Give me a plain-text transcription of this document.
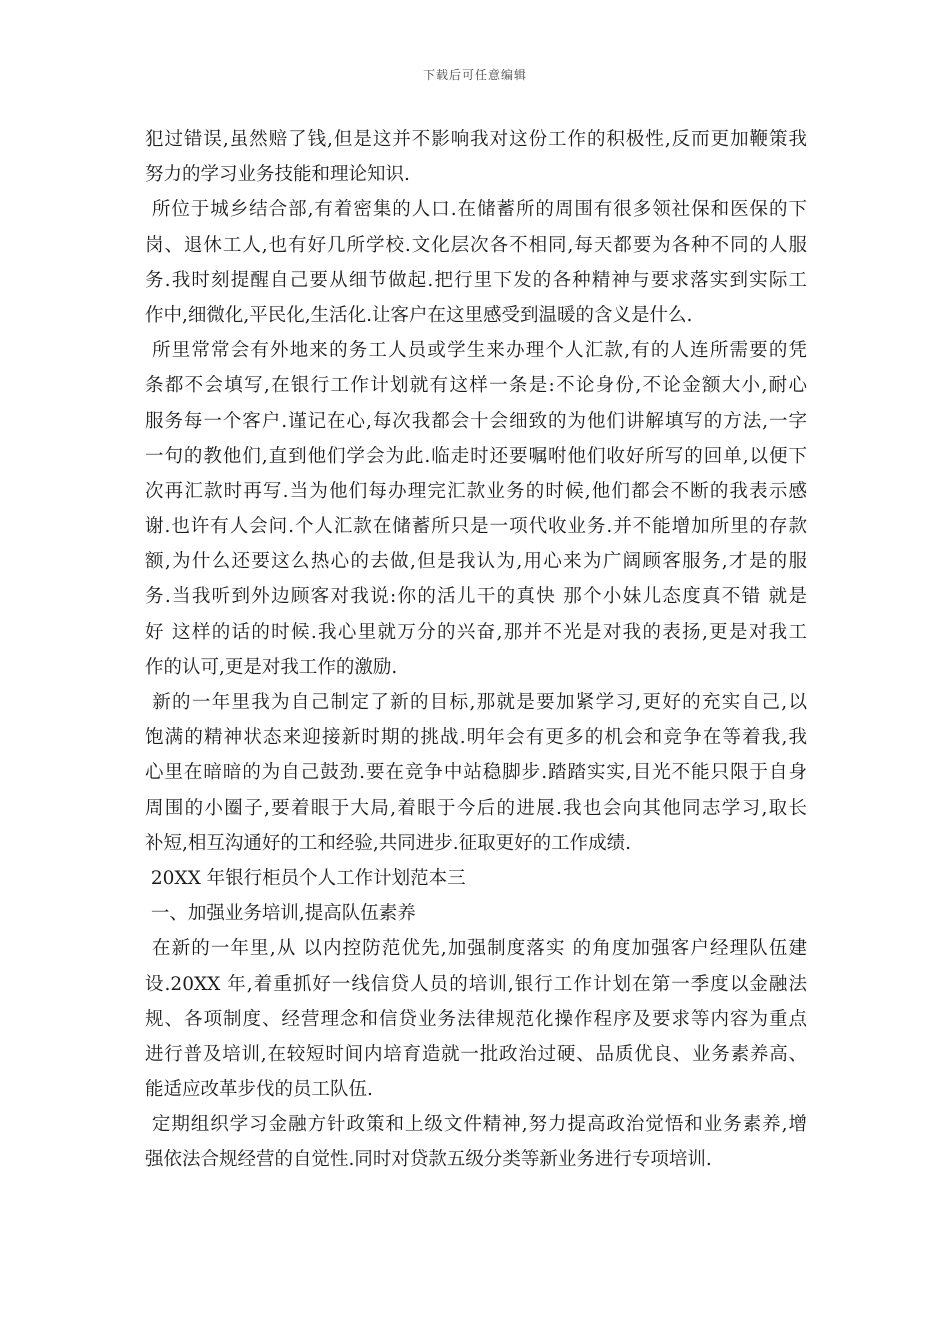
下载后可任意编辑
犯过错误,虽然赔了钱,但是这并不影响我对这份工作的积极性,反而更加鞭策我
努力的学习业务技能和理论知识.
所位于城乡结合部,有着密集的人口.在储蓄所的周围有很多领社保和医保的下
岗、退休工人,也有好几所学校.文化层次各不相同,每天都要为各种不同的人服
务.我时刻提醒自己要从细节做起.把行里下发的各种精神与要求落实到实际工
作中,细微化,平民化,生活化.让客户在这里感受到温暖的含义是什么.
所里常常会有外地来的务工人员或学生来办理个人汇款,有的人连所需要的凭
条都不会填写,在银行工作计划就有这样一条是:不论身份,不论金额大小,耐心
服务每一个客户.谨记在心,每次我都会十会细致的为他们讲解填写的方法,一字
一句的教他们,直到他们学会为此.临走时还要嘱咐他们收好所写的回单,以便下
次再汇款时再写.当为他们每办理完汇款业务的时候,他们都会不断的我表示感
谢.也许有人会问.个人汇款在储蓄所只是一项代收业务.并不能增加所里的存款
额,为什么还要这么热心的去做,但是我认为,用心来为广阔顾客服务,才是的服
务.当我听到外边顾客对我说:你的活儿干的真快 那个小妹儿态度真不错 就是
好 这样的话的时候.我心里就万分的兴奋,那并不光是对我的表扬,更是对我工
作的认可,更是对我工作的激励.
新的一年里我为自己制定了新的目标,那就是要加紧学习,更好的充实自己,以
饱满的精神状态来迎接新时期的挑战.明年会有更多的机会和竞争在等着我,我
心里在暗暗的为自己鼓劲.要在竞争中站稳脚步.踏踏实实,目光不能只限于自身
周围的小圈子,要着眼于大局,着眼于今后的进展.我也会向其他同志学习,取长
补短,相互沟通好的工和经验,共同进步.征取更好的工作成绩.
20XX 年银行柜员个人工作计划范本三
一、加强业务培训,提高队伍素养
在新的一年里,从 以内控防范优先,加强制度落实 的角度加强客户经理队伍建
设.20XX 年,着重抓好一线信贷人员的培训,银行工作计划在第一季度以金融法
规、各项制度、经营理念和信贷业务法律规范化操作程序及要求等内容为重点
进行普及培训,在较短时间内培育造就一批政治过硬、品质优良、业务素养高、
能适应改革步伐的员工队伍.
定期组织学习金融方针政策和上级文件精神,努力提高政治觉悟和业务素养,增
强依法合规经营的自觉性.同时对贷款五级分类等新业务进行专项培训.
